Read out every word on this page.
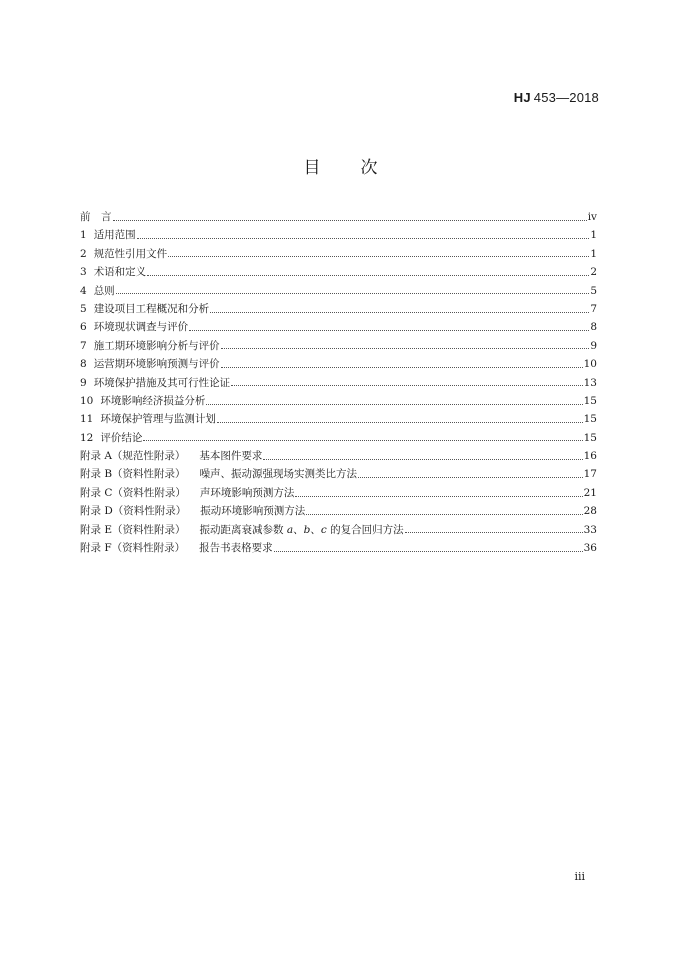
HJ 453—2018
目 次
前　言	iv
1 适用范围	1
2 规范性引用文件	1
3 术语和定义	2
4 总则	5
5 建设项目工程概况和分析	7
6 环境现状调查与评价	8
7 施工期环境影响分析与评价	9
8 运营期环境影响预测与评价	10
9 环境保护措施及其可行性论证	13
10 环境影响经济损益分析	15
11 环境保护管理与监测计划	15
12 评价结论	15
附录 A（规范性附录） 基本图件要求	16
附录 B（资料性附录） 噪声、振动源强现场实测类比方法	17
附录 C（资料性附录） 声环境影响预测方法	21
附录 D（资料性附录） 振动环境影响预测方法	28
附录 E（资料性附录） 振动距离衰减参数 a、b、c 的复合回归方法	33
附录 F（资料性附录） 报告书表格要求	36
iii
